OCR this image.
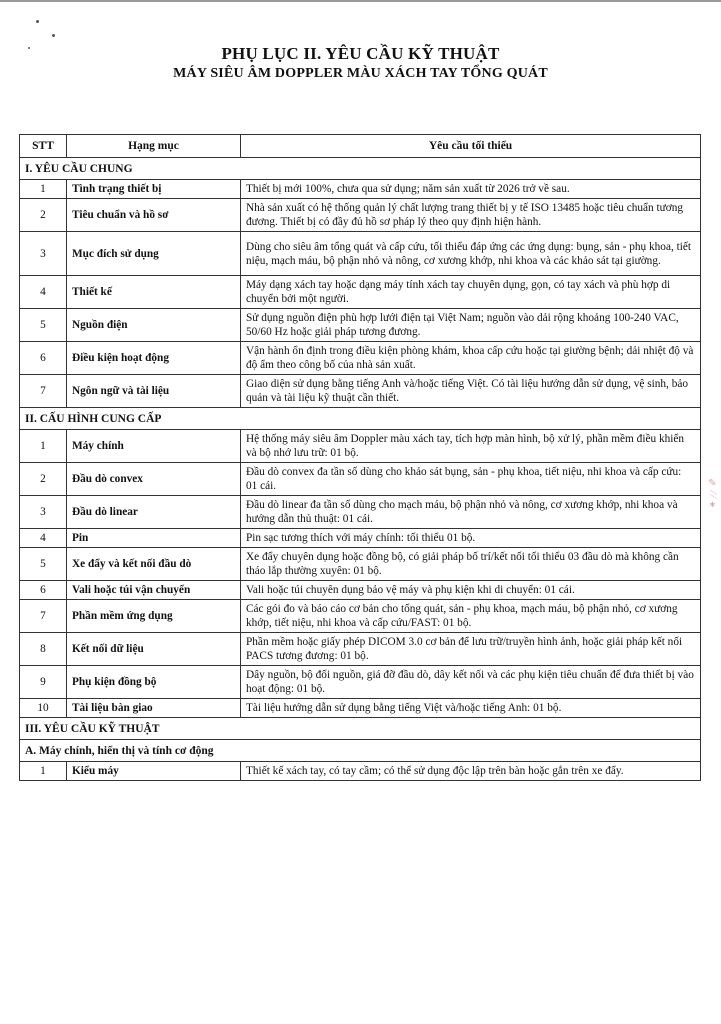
PHỤ LỤC II. YÊU CẦU KỸ THUẬT
MÁY SIÊU ÂM DOPPLER MÀU XÁCH TAY TỔNG QUÁT
STT	Hạng mục	Yêu cầu tối thiểu
I. YÊU CẦU CHUNG		
1	Tình trạng thiết bị	Thiết bị mới 100%, chưa qua sử dụng; năm sản xuất từ 2026 trở về sau.
2	Tiêu chuẩn và hồ sơ	Nhà sản xuất có hệ thống quản lý chất lượng trang thiết bị y tế ISO 13485 hoặc tiêu chuẩn tương đương. Thiết bị có đầy đủ hồ sơ pháp lý theo quy định hiện hành.
3	Mục đích sử dụng	Dùng cho siêu âm tổng quát và cấp cứu, tối thiểu đáp ứng các ứng dụng: bụng, sản - phụ khoa, tiết niệu, mạch máu, bộ phận nhỏ và nông, cơ xương khớp, nhi khoa và các khảo sát tại giường.
4	Thiết kế	Máy dạng xách tay hoặc dạng máy tính xách tay chuyên dụng, gọn, có tay xách và phù hợp di chuyển bởi một người.
5	Nguồn điện	Sử dụng nguồn điện phù hợp lưới điện tại Việt Nam; nguồn vào dải rộng khoảng 100-240 VAC, 50/60 Hz hoặc giải pháp tương đương.
6	Điều kiện hoạt động	Vận hành ổn định trong điều kiện phòng khám, khoa cấp cứu hoặc tại giường bệnh; dải nhiệt độ và độ ẩm theo công bố của nhà sản xuất.
7	Ngôn ngữ và tài liệu	Giao diện sử dụng bằng tiếng Anh và/hoặc tiếng Việt. Có tài liệu hướng dẫn sử dụng, vệ sinh, bảo quản và tài liệu kỹ thuật cần thiết.
II. CẤU HÌNH CUNG CẤP		
1	Máy chính	Hệ thống máy siêu âm Doppler màu xách tay, tích hợp màn hình, bộ xử lý, phần mềm điều khiển và bộ nhớ lưu trữ: 01 bộ.
2	Đầu dò convex	Đầu dò convex đa tần số dùng cho khảo sát bụng, sản - phụ khoa, tiết niệu, nhi khoa và cấp cứu: 01 cái.
3	Đầu dò linear	Đầu dò linear đa tần số dùng cho mạch máu, bộ phận nhỏ và nông, cơ xương khớp, nhi khoa và hướng dẫn thủ thuật: 01 cái.
4	Pin	Pin sạc tương thích với máy chính: tối thiểu 01 bộ.
5	Xe đẩy và kết nối đầu dò	Xe đẩy chuyên dụng hoặc đồng bộ, có giải pháp bố trí/kết nối tối thiểu 03 đầu dò mà không cần tháo lắp thường xuyên: 01 bộ.
6	Vali hoặc túi vận chuyển	Vali hoặc túi chuyên dụng bảo vệ máy và phụ kiện khi di chuyển: 01 cái.
7	Phần mềm ứng dụng	Các gói đo và báo cáo cơ bản cho tổng quát, sản - phụ khoa, mạch máu, bộ phận nhỏ, cơ xương khớp, tiết niệu, nhi khoa và cấp cứu/FAST: 01 bộ.
8	Kết nối dữ liệu	Phần mềm hoặc giấy phép DICOM 3.0 cơ bản để lưu trữ/truyền hình ảnh, hoặc giải pháp kết nối PACS tương đương: 01 bộ.
9	Phụ kiện đồng bộ	Dây nguồn, bộ đổi nguồn, giá đỡ đầu dò, dây kết nối và các phụ kiện tiêu chuẩn để đưa thiết bị vào hoạt động: 01 bộ.
10	Tài liệu bàn giao	Tài liệu hướng dẫn sử dụng bằng tiếng Việt và/hoặc tiếng Anh: 01 bộ.
III. YÊU CẦU KỸ THUẬT		
A. Máy chính, hiển thị và tính cơ động		
1	Kiểu máy	Thiết kế xách tay, có tay cầm; có thể sử dụng độc lập trên bàn hoặc gắn trên xe đẩy.
✎ ⁄ ⁄ ✶
